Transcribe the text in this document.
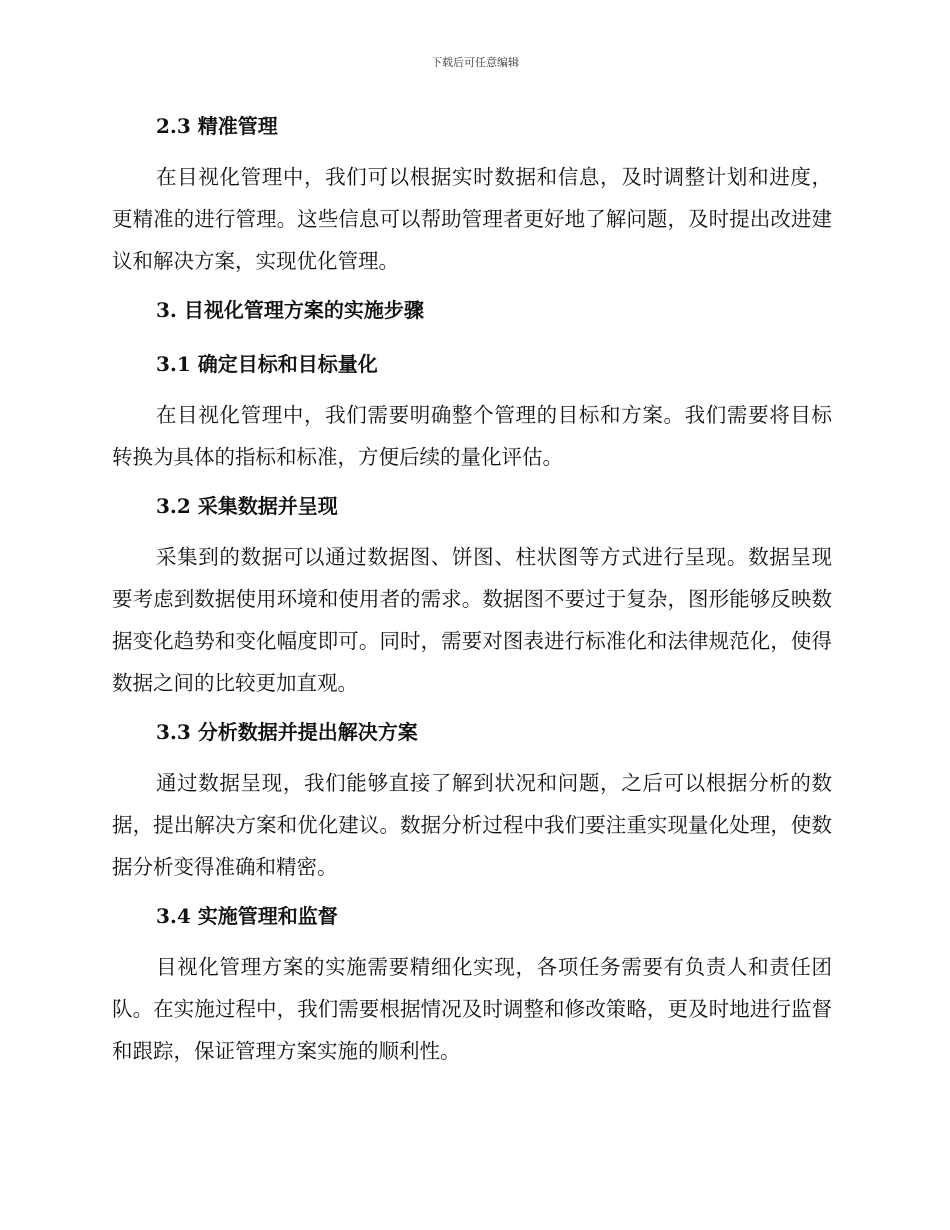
下载后可任意编辑
2.3 精准管理

在目视化管理中，我们可以根据实时数据和信息，及时调整计划和进度，更精准的进行管理。这些信息可以帮助管理者更好地了解问题，及时提出改进建议和解决方案，实现优化管理。

3. 目视化管理方案的实施步骤
3.1 确定目标和目标量化

在目视化管理中，我们需要明确整个管理的目标和方案。我们需要将目标转换为具体的指标和标准，方便后续的量化评估。

3.2 采集数据并呈现

采集到的数据可以通过数据图、饼图、柱状图等方式进行呈现。数据呈现要考虑到数据使用环境和使用者的需求。数据图不要过于复杂，图形能够反映数据变化趋势和变化幅度即可。同时，需要对图表进行标准化和法律规范化，使得数据之间的比较更加直观。

3.3 分析数据并提出解决方案

通过数据呈现，我们能够直接了解到状况和问题，之后可以根据分析的数据，提出解决方案和优化建议。数据分析过程中我们要注重实现量化处理，使数据分析变得准确和精密。

3.4 实施管理和监督

目视化管理方案的实施需要精细化实现，各项任务需要有负责人和责任团队。在实施过程中，我们需要根据情况及时调整和修改策略，更及时地进行监督和跟踪，保证管理方案实施的顺利性。
